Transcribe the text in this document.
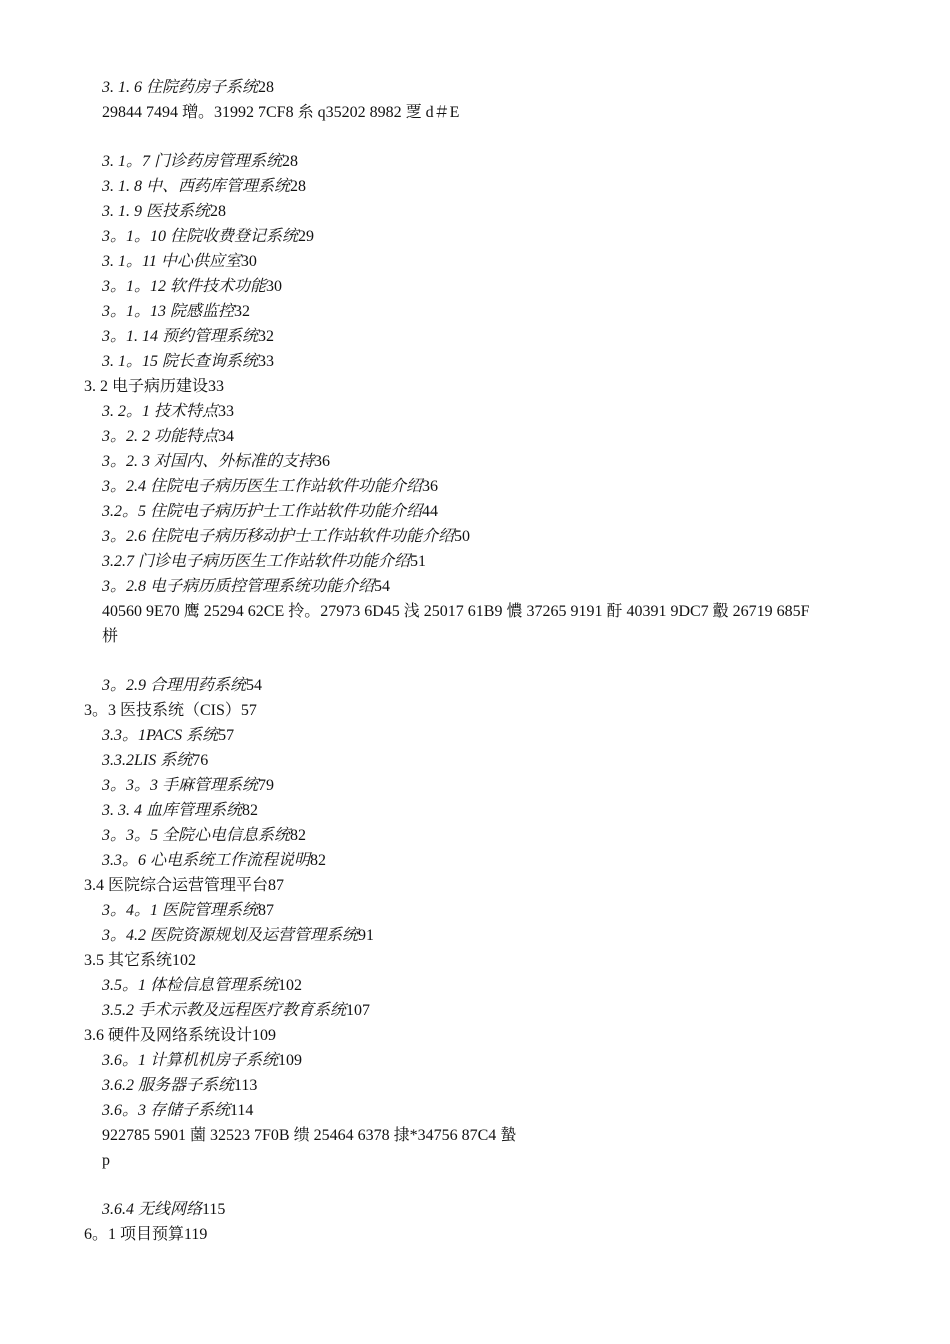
3. 1. 6 住院药房子系统28
29844 7494 璔。31992 7CF8 糸 q35202 8982 覂 d＃E
3. 1。7 门诊药房管理系统28
3. 1. 8 中、西药库管理系统28
3. 1. 9 医技系统28
3。1。10 住院收费登记系统29
3. 1。11 中心供应室30
3。1。12 软件技术功能30
3。1。13 院感监控32
3。1. 14 预约管理系统32
3. 1。15 院长查询系统33
3. 2 电子病历建设33
3. 2。1 技术特点33
3。2. 2 功能特点34
3。2. 3 对国内、外标准的支持36
3。2.4 住院电子病历医生工作站软件功能介绍36
3.2。5 住院电子病历护士工作站软件功能介绍44
3。2.6 住院电子病历移动护士工作站软件功能介绍50
3.2.7 门诊电子病历医生工作站软件功能介绍51
3。2.8 电子病历质控管理系统功能介绍54
40560 9E70 鹰 25294 62CE 拎。27973 6D45 浅 25017 61B9 憹 37265 9191 酑 40391 9DC7 鷇 26719 685F
栟
3。2.9 合理用药系统54
3。3 医技系统（CIS）57
3.3。1PACS 系统57
3.3.2LIS 系统76
3。3。3 手麻管理系统79
3. 3. 4 血库管理系统82
3。3。5 全院心电信息系统82
3.3。6 心电系统工作流程说明82
3.4 医院综合运营管理平台87
3。4。1 医院管理系统87
3。4.2 医院资源规划及运营管理系统91
3.5 其它系统102
3.5。1 体检信息管理系统102
3.5.2 手术示教及远程医疗教育系统107
3.6 硬件及网络系统设计109
3.6。1 计算机机房子系统109
3.6.2 服务器子系统113
3.6。3 存储子系统114
922785 5901 薗 32523 7F0B 缋 25464 6378 捸*34756 87C4 蟄
p
3.6.4 无线网络115
6。1 项目预算119
